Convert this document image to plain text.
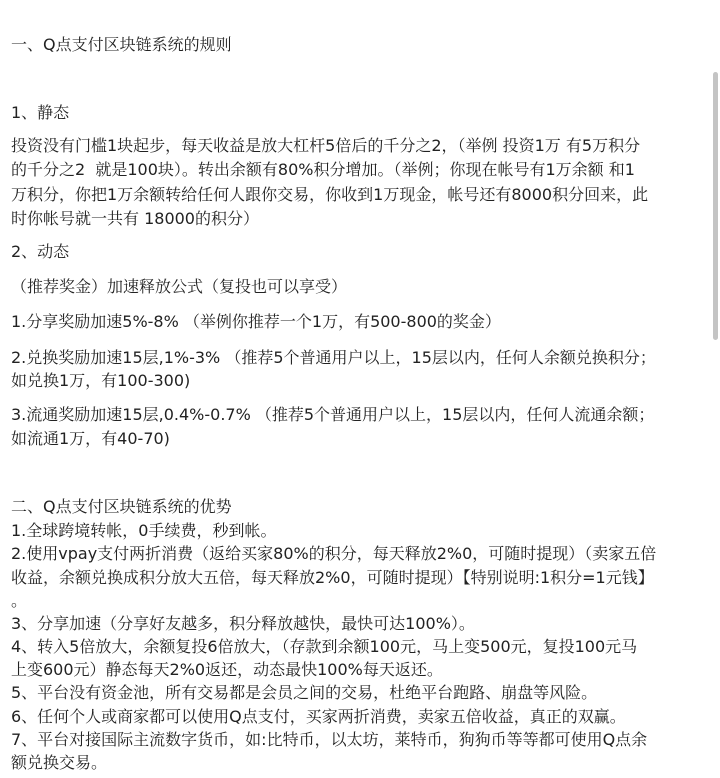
一、Q点支付区块链系统的规则
1、静态
投资没有门槛1块起步，每天收益是放大杠杆5倍后的千分之2，（举例 投资1万 有5万积分
的千分之2  就是100块）。转出余额有80%积分增加。（举例；你现在帐号有1万余额 和1
万积分，你把1万余额转给任何人跟你交易，你收到1万现金，帐号还有8000积分回来，此
时你帐号就一共有 18000的积分）
2、动态
（推荐奖金）加速释放公式（复投也可以享受）
1.分享奖励加速5%-8% （举例你推荐一个1万，有500-800的奖金）
2.兑换奖励加速15层,1%-3% （推荐5个普通用户以上，15层以内，任何人余额兑换积分；
如兑换1万，有100-300)
3.流通奖励加速15层,0.4%-0.7% （推荐5个普通用户以上，15层以内，任何人流通余额；
如流通1万，有40-70)
二、Q点支付区块链系统的优势
1.全球跨境转帐，0手续费，秒到帐。
2.使用vpay支付两折消费（返给买家80%的积分，每天释放2%0，可随时提现）（卖家五倍
收益，余额兑换成积分放大五倍，每天释放2%0，可随时提现）【特别说明:1积分=1元钱】
。
3、分享加速（分享好友越多，积分释放越快，最快可达100%）。
4、转入5倍放大，余额复投6倍放大，（存款到余额100元，马上变500元，复投100元马
上变600元）静态每天2%0返还，动态最快100%每天返还。
5、平台没有资金池，所有交易都是会员之间的交易，杜绝平台跑路、崩盘等风险。
6、任何个人或商家都可以使用Q点支付，买家两折消费，卖家五倍收益，真正的双赢。
7、平台对接国际主流数字货币，如:比特币，以太坊，莱特币，狗狗币等等都可使用Q点余
额兑换交易。
